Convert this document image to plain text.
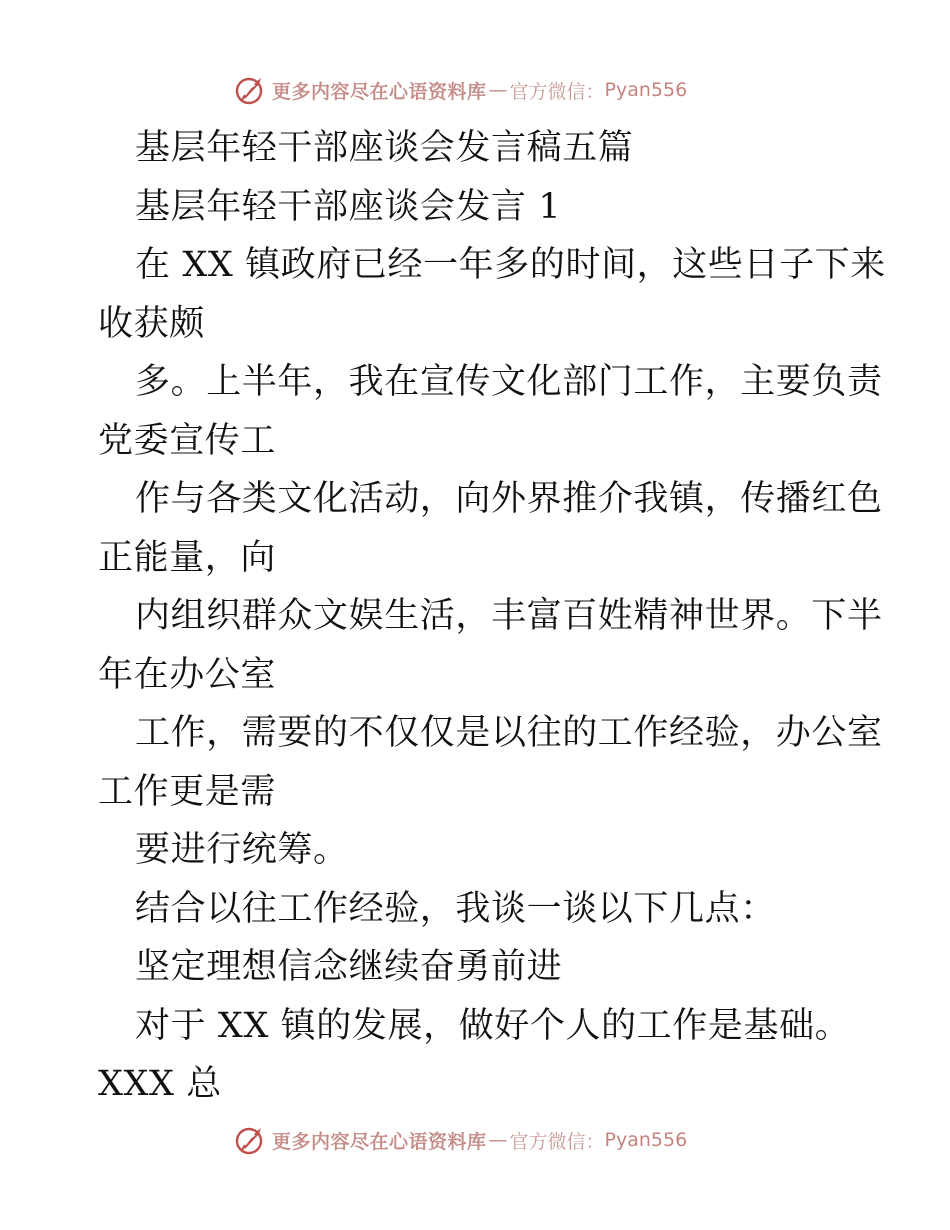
更多内容尽在心语资料库 — 官方微信： Pyan556
基层年轻干部座谈会发言稿五篇
基层年轻干部座谈会发言 1
在 XX 镇政府已经一年多的时间，这些日子下来
收获颇
多。上半年，我在宣传文化部门工作，主要负责
党委宣传工
作与各类文化活动，向外界推介我镇，传播红色
正能量，向
内组织群众文娱生活，丰富百姓精神世界。下半
年在办公室
工作，需要的不仅仅是以往的工作经验，办公室
工作更是需
要进行统筹。
结合以往工作经验，我谈一谈以下几点：
坚定理想信念继续奋勇前进
对于 XX 镇的发展，做好个人的工作是基础。
XXX 总
更多内容尽在心语资料库 — 官方微信： Pyan556
